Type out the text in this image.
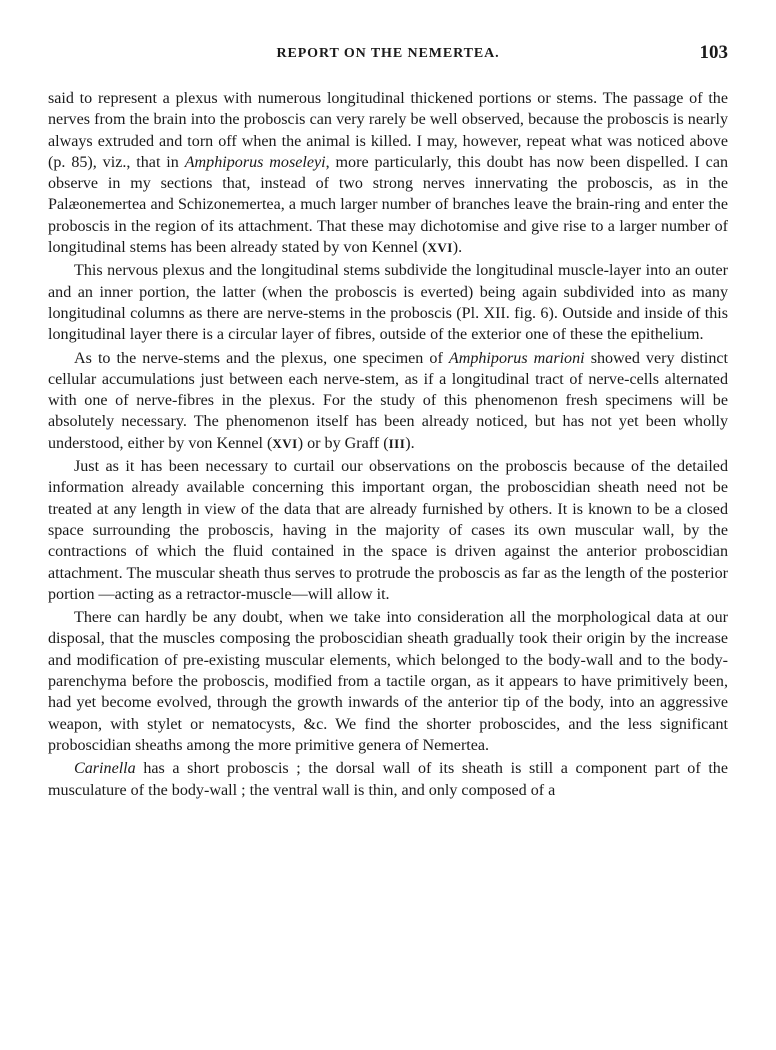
REPORT ON THE NEMERTEA.	103

said to represent a plexus with numerous longitudinal thickened portions or stems. The passage of the nerves from the brain into the proboscis can very rarely be well observed, because the proboscis is nearly always extruded and torn off when the animal is killed. I may, however, repeat what was noticed above (p. 85), viz., that in Amphiporus moseleyi, more particularly, this doubt has now been dispelled. I can observe in my sections that, instead of two strong nerves innervating the proboscis, as in the Palæonemertea and Schizonemertea, a much larger number of branches leave the brain-ring and enter the proboscis in the region of its attachment. That these may dichotomise and give rise to a larger number of longitudinal stems has been already stated by von Kennel (XVI).

This nervous plexus and the longitudinal stems subdivide the longitudinal muscle-layer into an outer and an inner portion, the latter (when the proboscis is everted) being again subdivided into as many longitudinal columns as there are nerve-stems in the proboscis (Pl. XII. fig. 6). Outside and inside of this longitudinal layer there is a circular layer of fibres, outside of the exterior one of these the epithelium.

As to the nerve-stems and the plexus, one specimen of Amphiporus marioni showed very distinct cellular accumulations just between each nerve-stem, as if a longitudinal tract of nerve-cells alternated with one of nerve-fibres in the plexus. For the study of this phenomenon fresh specimens will be absolutely necessary. The phenomenon itself has been already noticed, but has not yet been wholly understood, either by von Kennel (XVI) or by Graff (III).

Just as it has been necessary to curtail our observations on the proboscis because of the detailed information already available concerning this important organ, the proboscidian sheath need not be treated at any length in view of the data that are already furnished by others. It is known to be a closed space surrounding the proboscis, having in the majority of cases its own muscular wall, by the contractions of which the fluid contained in the space is driven against the anterior proboscidian attachment. The muscular sheath thus serves to protrude the proboscis as far as the length of the posterior portion —acting as a retractor-muscle—will allow it.

There can hardly be any doubt, when we take into consideration all the morphological data at our disposal, that the muscles composing the proboscidian sheath gradually took their origin by the increase and modification of pre-existing muscular elements, which belonged to the body-wall and to the body-parenchyma before the proboscis, modified from a tactile organ, as it appears to have primitively been, had yet become evolved, through the growth inwards of the anterior tip of the body, into an aggressive weapon, with stylet or nematocysts, &c. We find the shorter proboscides, and the less significant proboscidian sheaths among the more primitive genera of Nemertea.

Carinella has a short proboscis ; the dorsal wall of its sheath is still a component part of the musculature of the body-wall ; the ventral wall is thin, and only composed of a
